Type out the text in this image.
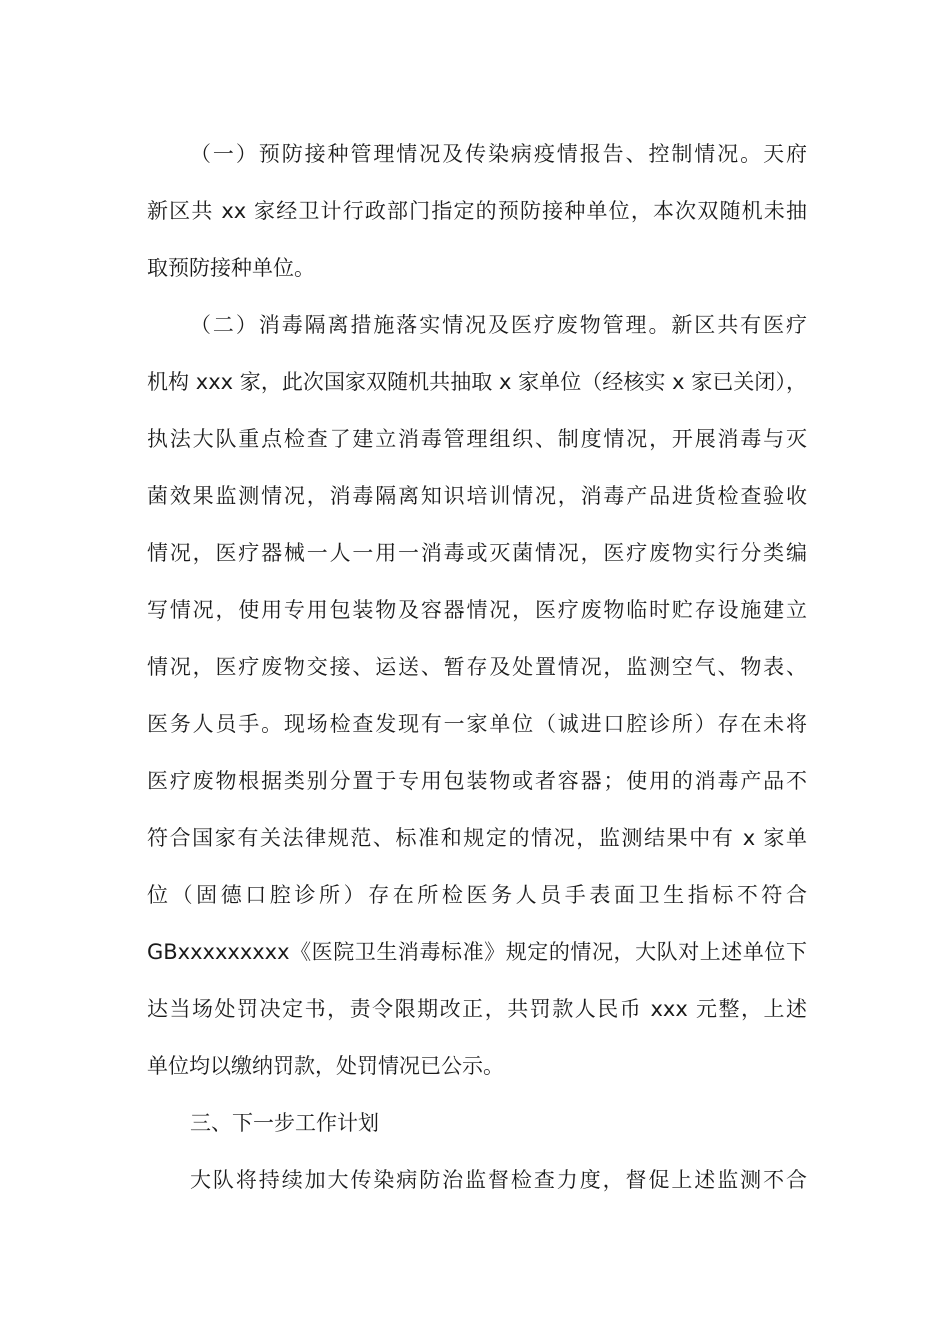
（一）预防接种管理情况及传染病疫情报告、控制情况。天府
新区共 xx 家经卫计行政部门指定的预防接种单位，本次双随机未抽
取预防接种单位。
（二）消毒隔离措施落实情况及医疗废物管理。新区共有医疗
机构 xxx 家，此次国家双随机共抽取 x 家单位（经核实 x 家已关闭），
执法大队重点检查了建立消毒管理组织、制度情况，开展消毒与灭
菌效果监测情况，消毒隔离知识培训情况，消毒产品进货检查验收
情况，医疗器械一人一用一消毒或灭菌情况，医疗废物实行分类编
写情况，使用专用包装物及容器情况，医疗废物临时贮存设施建立
情况，医疗废物交接、运送、暂存及处置情况，监测空气、物表、
医务人员手。现场检查发现有一家单位（诚进口腔诊所）存在未将
医疗废物根据类别分置于专用包装物或者容器；使用的消毒产品不
符合国家有关法律规范、标准和规定的情况，监测结果中有 x 家单
位（固德口腔诊所）存在所检医务人员手表面卫生指标不符合
GBxxxxxxxxx《医院卫生消毒标准》规定的情况，大队对上述单位下
达当场处罚决定书，责令限期改正，共罚款人民币 xxx 元整，上述
单位均以缴纳罚款，处罚情况已公示。
三、下一步工作计划
大队将持续加大传染病防治监督检查力度，督促上述监测不合
